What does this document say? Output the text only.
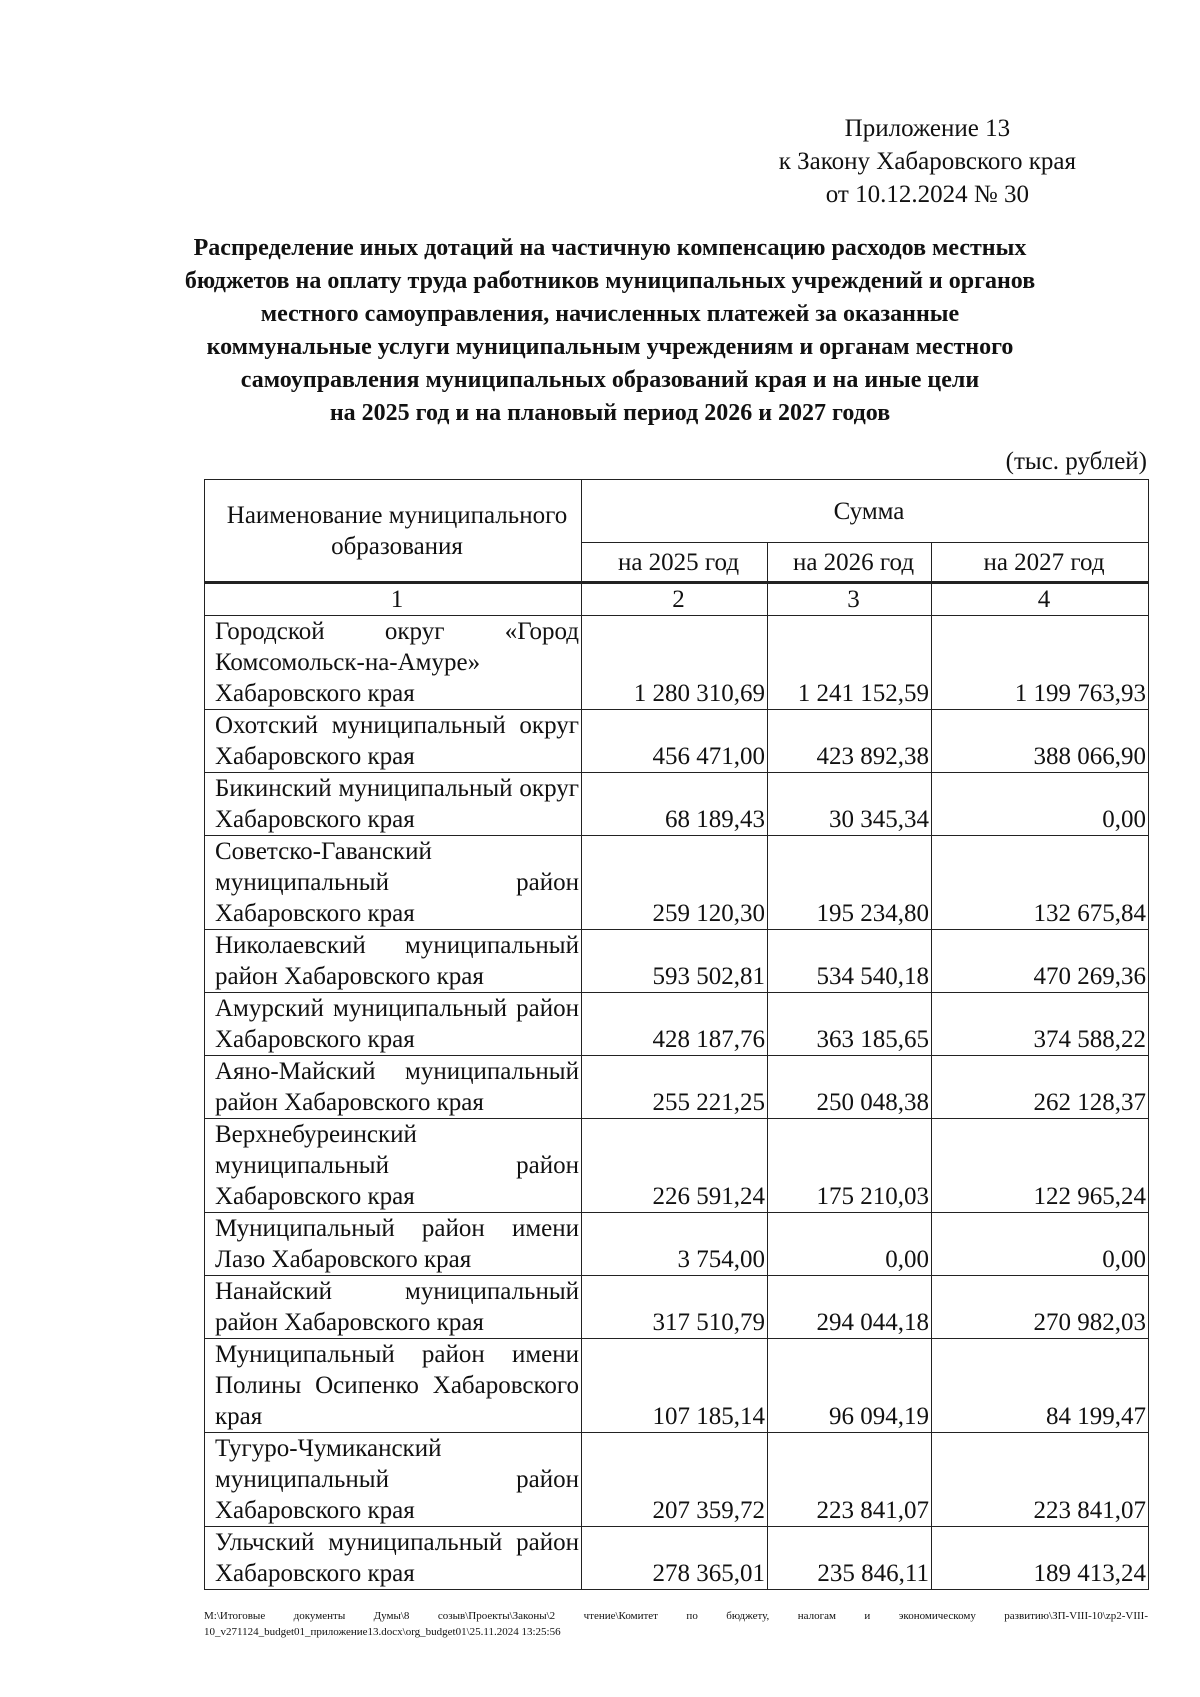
Приложение 13
к Закону Хабаровского края
от 10.12.2024 № 30
Распределение иных дотаций на частичную компенсацию расходов местных
бюджетов на оплату труда работников муниципальных учреждений и органов
местного самоуправления, начисленных платежей за оказанные
коммунальные услуги муниципальным учреждениям и органам местного
самоуправления муниципальных образований края и на иные цели
на 2025 год и на плановый период 2026 и 2027 годов
(тыс. рублей)
Наименование муниципального образования	Сумма		
	на 2025 год	на 2026 год	на 2027 год
1	2	3	4
Городской округ «Город Комсомольск-на-Амуре» Хабаровского края	1 280 310,69	1 241 152,59	1 199 763,93
Охотский муниципальный округ Хабаровского края	456 471,00	423 892,38	388 066,90
Бикинский муниципальный округ Хабаровского края	68 189,43	30 345,34	0,00
Советско-Гаванский муниципальный район Хабаровского края	259 120,30	195 234,80	132 675,84
Николаевский муниципальный район Хабаровского края	593 502,81	534 540,18	470 269,36
Амурский муниципальный район Хабаровского края	428 187,76	363 185,65	374 588,22
Аяно-Майский муниципальный район Хабаровского края	255 221,25	250 048,38	262 128,37
Верхнебуреинский муниципальный район Хабаровского края	226 591,24	175 210,03	122 965,24
Муниципальный район имени Лазо Хабаровского края	3 754,00	0,00	0,00
Нанайский муниципальный район Хабаровского края	317 510,79	294 044,18	270 982,03
Муниципальный район имени Полины Осипенко Хабаровского края	107 185,14	96 094,19	84 199,47
Тугуро-Чумиканский муниципальный район Хабаровского края	207 359,72	223 841,07	223 841,07
Ульчский муниципальный район Хабаровского края	278 365,01	235 846,11	189 413,24
М:\Итоговые документы Думы\8 созыв\Проекты\Законы\2 чтение\Комитет по бюджету, налогам и экономическому развитию\ЗП-VIII-10\zp2-VIII-10_v271124_budget01_приложение13.docx\org_budget01\25.11.2024 13:25:56
